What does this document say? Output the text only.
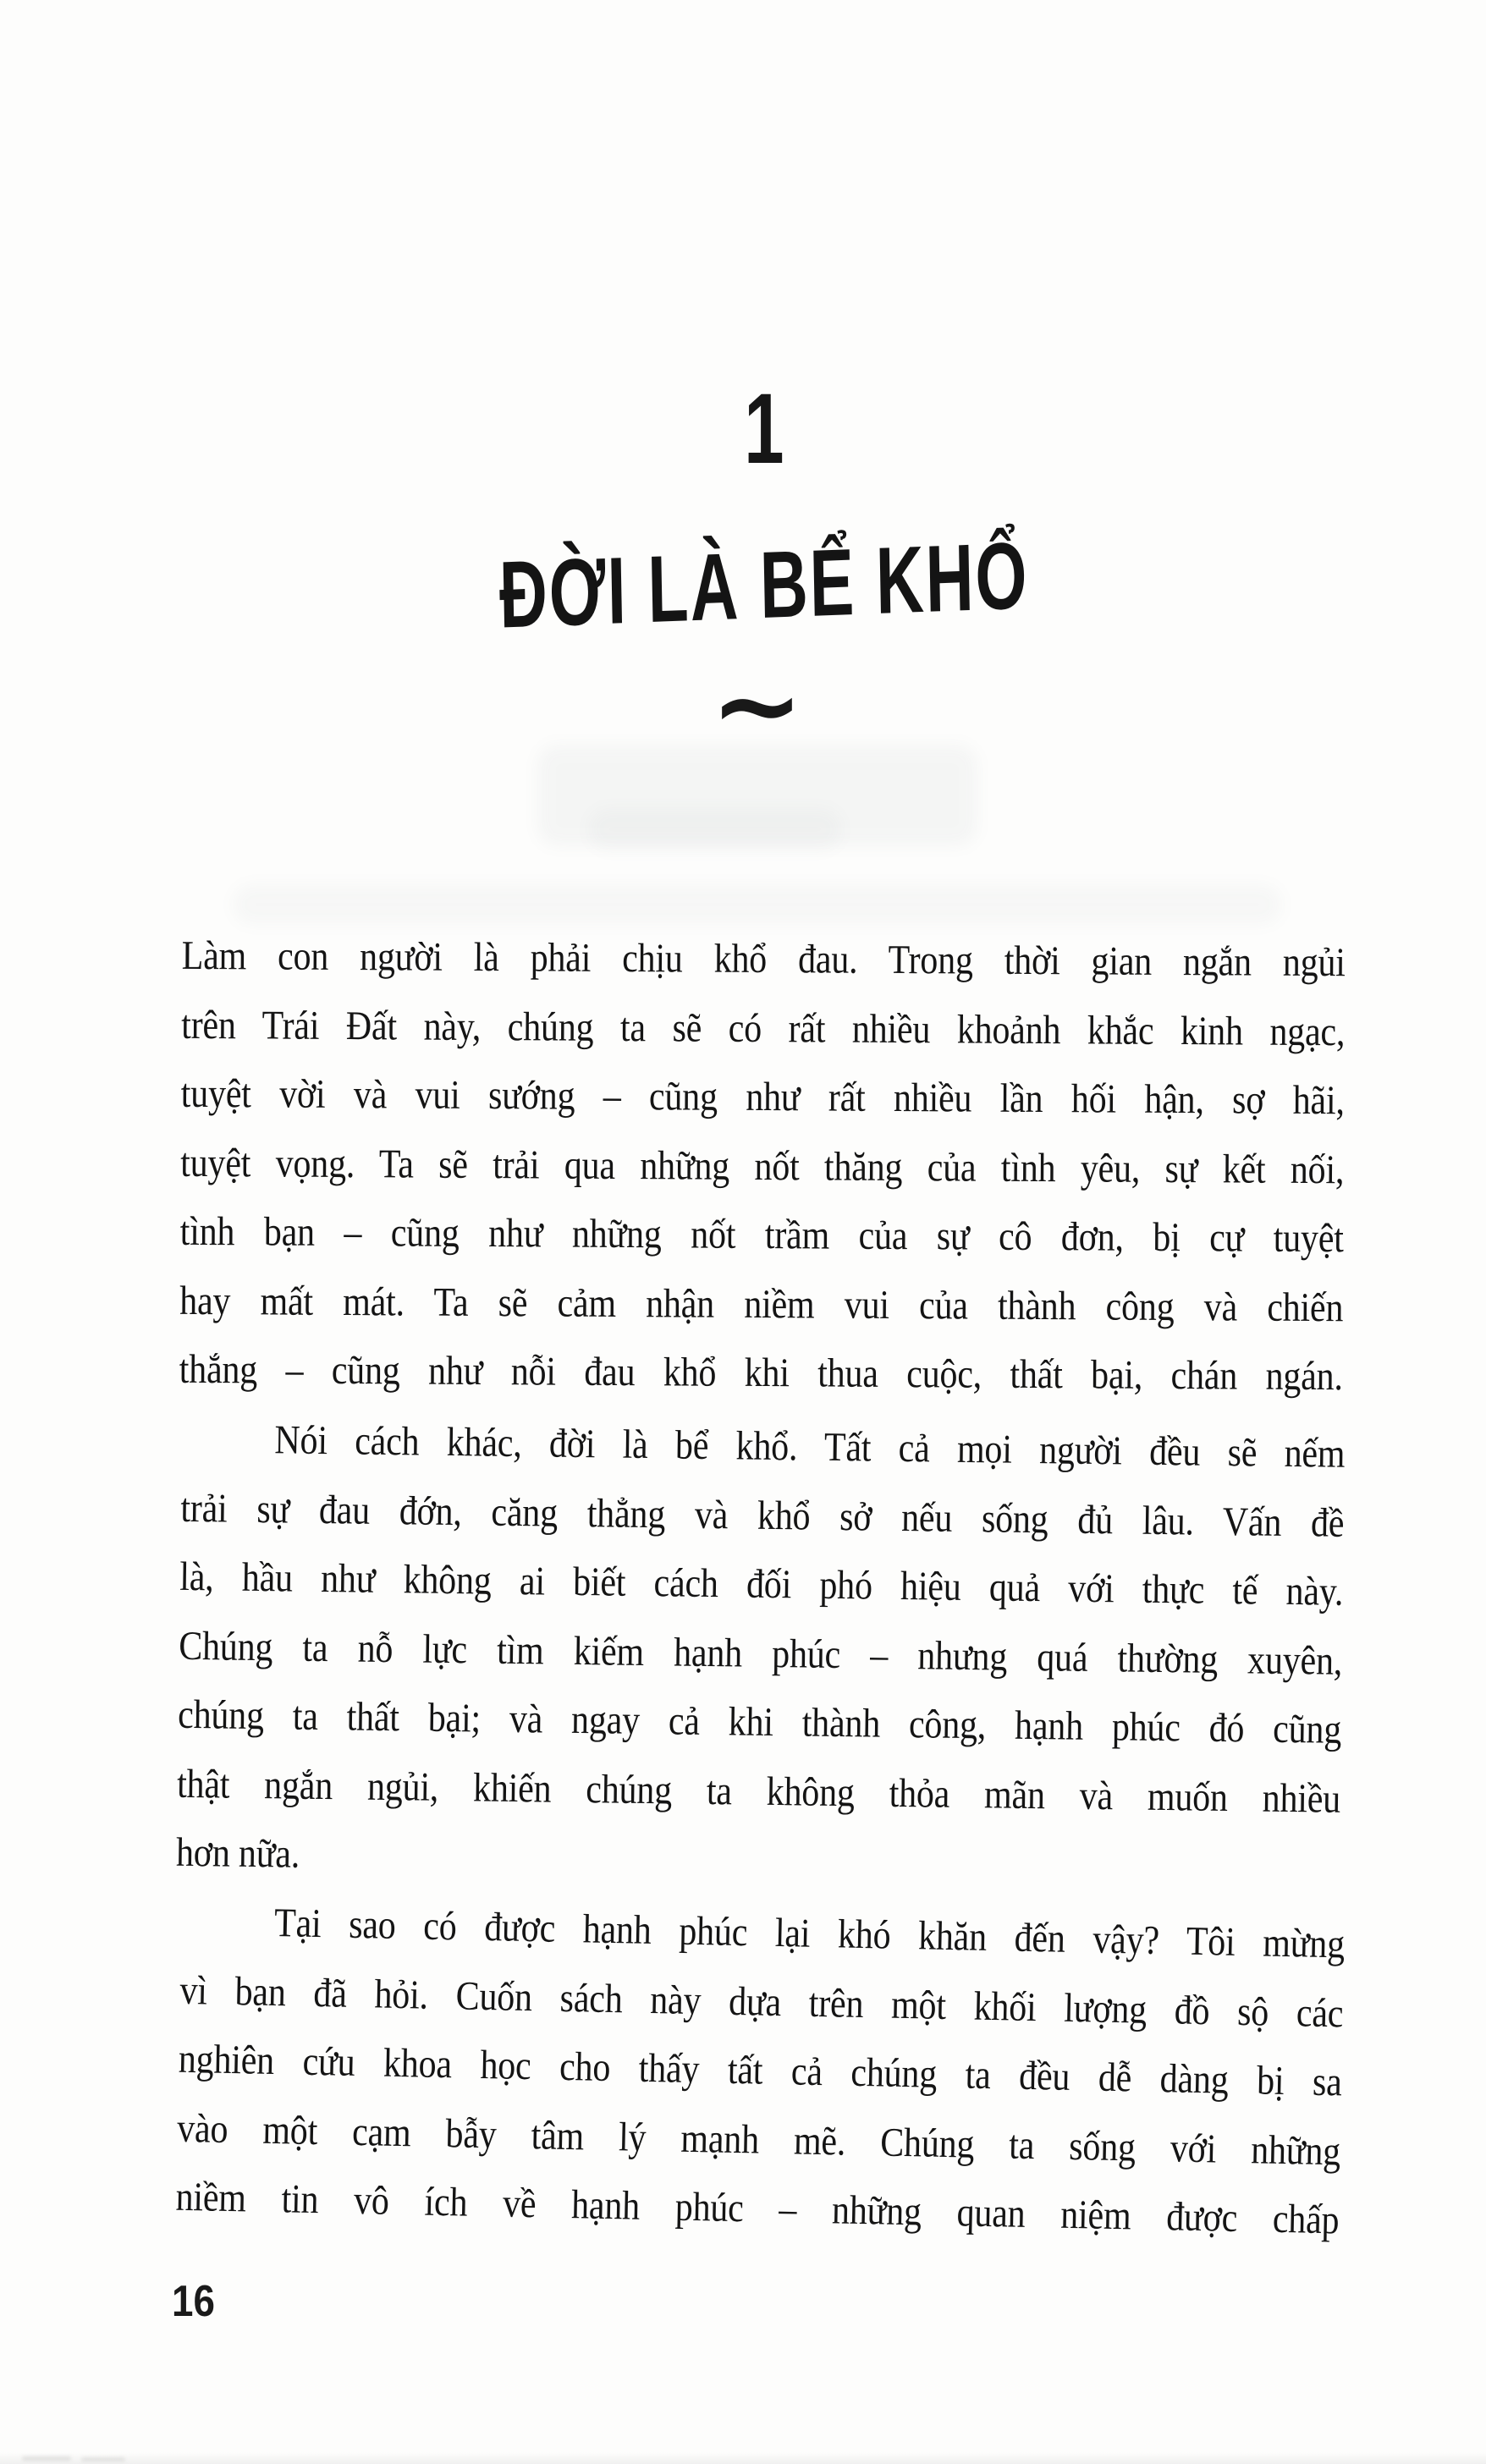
1
ĐỜI LÀ BỂ KHỔ
~
Làm con người là phải chịu khổ đau. Trong thời gian ngắn ngủi
trên Trái Đất này, chúng ta sẽ có rất nhiều khoảnh khắc kinh ngạc,
tuyệt vời và vui sướng – cũng như rất nhiều lần hối hận, sợ hãi,
tuyệt vọng. Ta sẽ trải qua những nốt thăng của tình yêu, sự kết nối,
tình bạn – cũng như những nốt trầm của sự cô đơn, bị cự tuyệt
hay mất mát. Ta sẽ cảm nhận niềm vui của thành công và chiến
thắng – cũng như nỗi đau khổ khi thua cuộc, thất bại, chán ngán.
Nói cách khác, đời là bể khổ. Tất cả mọi người đều sẽ nếm
trải sự đau đớn, căng thẳng và khổ sở nếu sống đủ lâu. Vấn đề
là, hầu như không ai biết cách đối phó hiệu quả với thực tế này.
Chúng ta nỗ lực tìm kiếm hạnh phúc – nhưng quá thường xuyên,
chúng ta thất bại; và ngay cả khi thành công, hạnh phúc đó cũng
thật ngắn ngủi, khiến chúng ta không thỏa mãn và muốn nhiều
hơn nữa.
Tại sao có được hạnh phúc lại khó khăn đến vậy? Tôi mừng
vì bạn đã hỏi. Cuốn sách này dựa trên một khối lượng đồ sộ các
nghiên cứu khoa học cho thấy tất cả chúng ta đều dễ dàng bị sa
vào một cạm bẫy tâm lý mạnh mẽ. Chúng ta sống với những
niềm tin vô ích về hạnh phúc – những quan niệm được chấp
16
